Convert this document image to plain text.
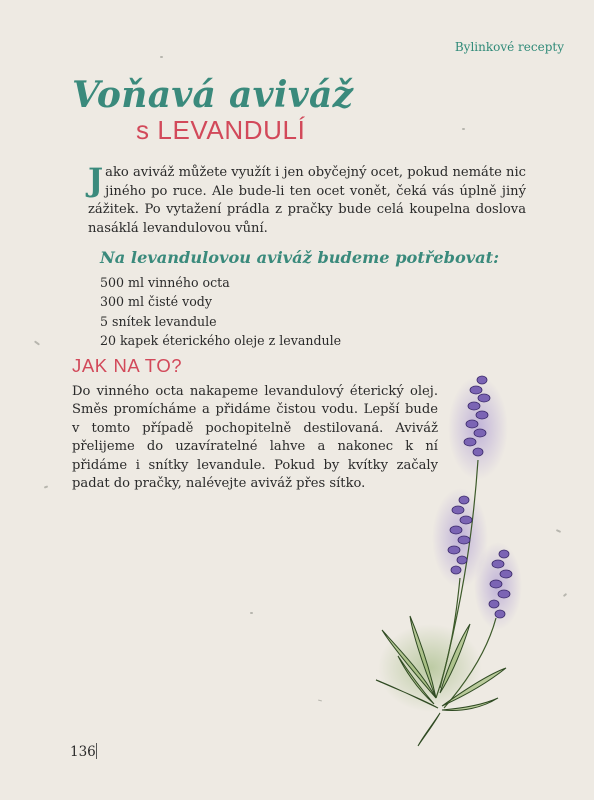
Bylinkové recepty
Voňavá aviváž
s LEVANDULÍ

J ako aviváž můžete využít i jen obyčejný ocet, pokud nemáte nic jiného po ruce. Ale bude-li ten ocet vonět, čeká vás úplně jiný zážitek. Po vytažení prádla z pračky bude celá koupelna doslova nasáklá levandulovou vůní.

Na levandulovou aviváž budeme potřebovat:
500 ml vinného octa
300 ml čisté vody
5 snítek levandule
20 kapek éterického oleje z levandule
JAK NA TO?

Do vinného octa nakapeme levandulový éterický olej. Směs promícháme a přidáme čistou vodu. Lepší bude v tomto případě pochopitelně destilovaná. Aviváž přelijeme do uzavíratelné lahve a nakonec k ní přidáme i snítky levandule. Pokud by kvítky začaly padat do pračky, nalévejte aviváž přes sítko.

136
